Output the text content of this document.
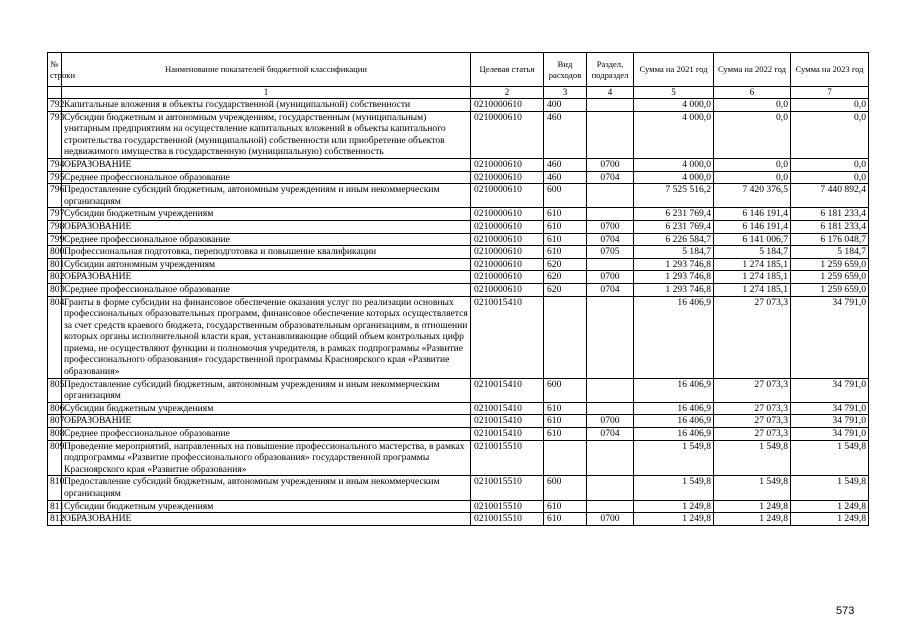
№ строки	Наименование показателей бюджетной классификации	Целевая статья	Вид расходов	Раздел, подраздел	Сумма на 2021 год	Сумма на 2022 год	Сумма на 2023 год
	1	2	3	4	5	6	7
792	Капитальные вложения в объекты государственной (муниципальной) собственности	0210000610	400		4 000,0	0,0	0,0
793	Субсидии бюджетным и автономным учреждениям, государственным (муниципальным) унитарным предприятиям на осуществление капитальных вложений в объекты капитального строительства государственной (муниципальной) собственности или приобретение объектов недвижимого имущества в государственную (муниципальную) собственность	0210000610	460		4 000,0	0,0	0,0
794	ОБРАЗОВАНИЕ	0210000610	460	0700	4 000,0	0,0	0,0
795	Среднее профессиональное образование	0210000610	460	0704	4 000,0	0,0	0,0
796	Предоставление субсидий бюджетным, автономным учреждениям и иным некоммерческим организациям	0210000610	600		7 525 516,2	7 420 376,5	7 440 892,4
797	Субсидии бюджетным учреждениям	0210000610	610		6 231 769,4	6 146 191,4	6 181 233,4
798	ОБРАЗОВАНИЕ	0210000610	610	0700	6 231 769,4	6 146 191,4	6 181 233,4
799	Среднее профессиональное образование	0210000610	610	0704	6 226 584,7	6 141 006,7	6 176 048,7
800	Профессиональная подготовка, переподготовка и повышение квалификации	0210000610	610	0705	5 184,7	5 184,7	5 184,7
801	Субсидии автономным учреждениям	0210000610	620		1 293 746,8	1 274 185,1	1 259 659,0
802	ОБРАЗОВАНИЕ	0210000610	620	0700	1 293 746,8	1 274 185,1	1 259 659,0
803	Среднее профессиональное образование	0210000610	620	0704	1 293 746,8	1 274 185,1	1 259 659,0
804	Гранты в форме субсидии на финансовое обеспечение оказания услуг по реализации основных профессиональных образовательных программ, финансовое обеспечение которых осуществляется за счет средств краевого бюджета, государственным образовательным организациям, в отношении которых органы исполнительной власти края, устанавливающие общий объем контрольных цифр приема, не осуществляют функции и полномочия учредителя, в рамках подпрограммы «Развитие профессионального образования» государственной программы Красноярского края «Развитие образования»	0210015410			16 406,9	27 073,3	34 791,0
805	Предоставление субсидий бюджетным, автономным учреждениям и иным некоммерческим организациям	0210015410	600		16 406,9	27 073,3	34 791,0
806	Субсидии бюджетным учреждениям	0210015410	610		16 406,9	27 073,3	34 791,0
807	ОБРАЗОВАНИЕ	0210015410	610	0700	16 406,9	27 073,3	34 791,0
808	Среднее профессиональное образование	0210015410	610	0704	16 406,9	27 073,3	34 791,0
809	Проведение мероприятий, направленных на повышение профессионального мастерства, в рамках подпрограммы «Развитие профессионального образования» государственной программы Красноярского края «Развитие образования»	0210015510			1 549,8	1 549,8	1 549,8
810	Предоставление субсидий бюджетным, автономным учреждениям и иным некоммерческим организациям	0210015510	600		1 549,8	1 549,8	1 549,8
811	Субсидии бюджетным учреждениям	0210015510	610		1 249,8	1 249,8	1 249,8
812	ОБРАЗОВАНИЕ	0210015510	610	0700	1 249,8	1 249,8	1 249,8
573
